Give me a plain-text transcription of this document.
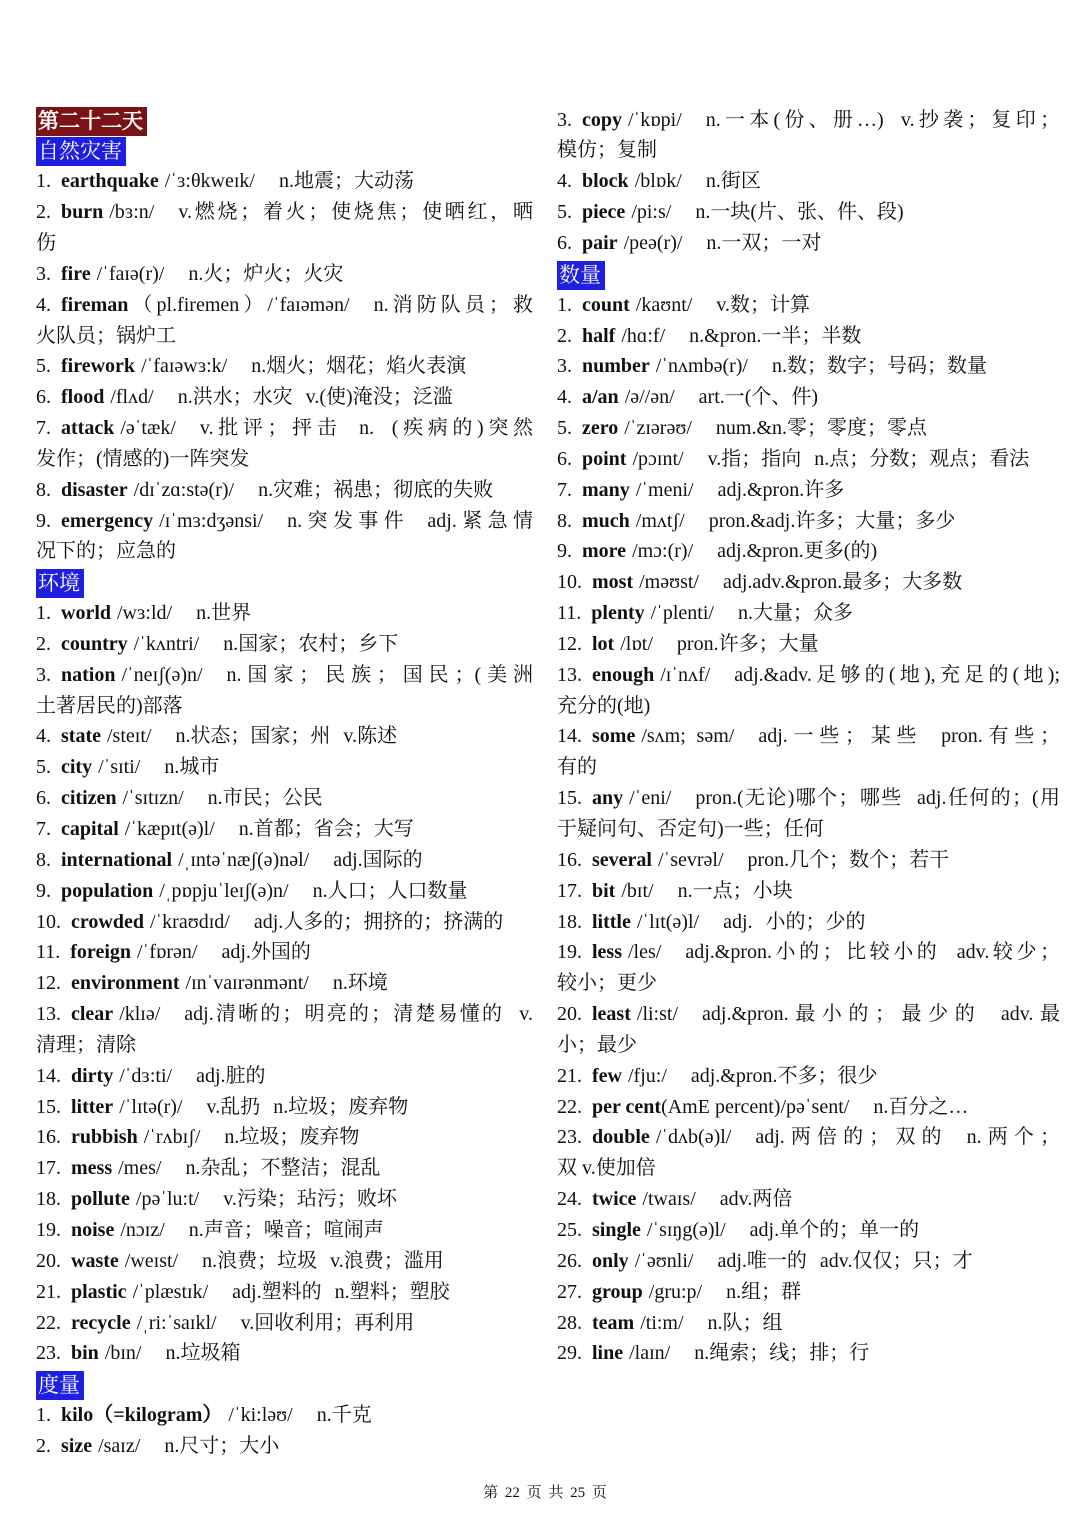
第二十二天
自然灾害
1. earthquake /ˈɜ:θkweɪk/ n.地震；大动荡
2. burn /bɜ:n/ v.燃烧；着火；使烧焦；使晒红，晒
伤
3. fire /ˈfaɪə(r)/ n.火；炉火；火灾
4. fireman（pl.firemen）/ˈfaɪəmən/ n.消防队员；救
火队员；锅炉工
5. firework /ˈfaɪəwɜ:k/ n.烟火；烟花；焰火表演
6. flood /flʌd/ n.洪水；水灾 v.(使)淹没；泛滥
7. attack /əˈtæk/ v.批评；抨击 n. (疾病的)突然
发作；(情感的)一阵突发
8. disaster /dɪˈzɑ:stə(r)/ n.灾难；祸患；彻底的失败
9. emergency /ɪˈmɜ:dʒənsi/ n.突发事件 adj.紧急情
况下的；应急的
环境
1. world /wɜ:ld/ n.世界
2. country /ˈkʌntri/ n.国家；农村；乡下
3. nation /ˈneɪʃ(ə)n/ n.国家；民族；国民；(美洲
土著居民的)部落
4. state /steɪt/ n.状态；国家；州 v.陈述
5. city /ˈsɪti/ n.城市
6. citizen /ˈsɪtɪzn/ n.市民；公民
7. capital /ˈkæpɪt(ə)l/ n.首都；省会；大写
8. international /ˌɪntəˈnæʃ(ə)nəl/ adj.国际的
9. population /ˌpɒpjuˈleɪʃ(ə)n/ n.人口；人口数量
10. crowded /ˈkraʊdɪd/ adj.人多的；拥挤的；挤满的
11. foreign /ˈfɒrən/ adj.外国的
12. environment /ɪnˈvaɪrənmənt/ n.环境
13. clear /klɪə/ adj.清晰的；明亮的；清楚易懂的 v.
清理；清除
14. dirty /ˈdɜ:ti/ adj.脏的
15. litter /ˈlɪtə(r)/ v.乱扔 n.垃圾；废弃物
16. rubbish /ˈrʌbɪʃ/ n.垃圾；废弃物
17. mess /mes/ n.杂乱；不整洁；混乱
18. pollute /pəˈlu:t/ v.污染；玷污；败坏
19. noise /nɔɪz/ n.声音；噪音；喧闹声
20. waste /weɪst/ n.浪费；垃圾 v.浪费；滥用
21. plastic /ˈplæstɪk/ adj.塑料的 n.塑料；塑胶
22. recycle /ˌri:ˈsaɪkl/ v.回收利用；再利用
23. bin /bɪn/ n.垃圾箱
度量
1. kilo（=kilogram） /ˈki:ləʊ/ n.千克
2. size /saɪz/ n.尺寸；大小
3. copy /ˈkɒpi/ n.一本(份、册…) v.抄袭；复印；
模仿；复制
4. block /blɒk/ n.街区
5. piece /pi:s/ n.一块(片、张、件、段)
6. pair /peə(r)/ n.一双；一对
数量
1. count /kaʊnt/ v.数；计算
2. half /hɑ:f/ n.&pron.一半；半数
3. number /ˈnʌmbə(r)/ n.数；数字；号码；数量
4. a/an /ə//ən/ art.一(个、件)
5. zero /ˈzɪərəʊ/ num.&n.零；零度；零点
6. point /pɔɪnt/ v.指；指向 n.点；分数；观点；看法
7. many /ˈmeni/ adj.&pron.许多
8. much /mʌtʃ/ pron.&adj.许多；大量；多少
9. more /mɔ:(r)/ adj.&pron.更多(的)
10. most /məʊst/ adj.adv.&pron.最多；大多数
11. plenty /ˈplenti/ n.大量；众多
12. lot /lɒt/ pron.许多；大量
13. enough /ɪˈnʌf/ adj.&adv.足够的(地),充足的(地);
充分的(地)
14. some /sʌm; səm/ adj.一些；某些 pron.有些；
有的
15. any /ˈeni/ pron.(无论)哪个；哪些 adj.任何的；(用
于疑问句、否定句)一些；任何
16. several /ˈsevrəl/ pron.几个；数个；若干
17. bit /bɪt/ n.一点；小块
18. little /ˈlɪt(ə)l/ adj. 小的；少的
19. less /les/ adj.&pron.小的；比较小的 adv.较少；
较小；更少
20. least /li:st/ adj.&pron.最小的；最少的 adv.最
小；最少
21. few /fju:/ adj.&pron.不多；很少
22. per cent(AmE percent)/pəˈsent/ n.百分之…
23. double /ˈdʌb(ə)l/ adj.两倍的；双的 n.两个；
双 v.使加倍
24. twice /twaɪs/ adv.两倍
25. single /ˈsɪŋg(ə)l/ adj.单个的；单一的
26. only /ˈəʊnli/ adj.唯一的 adv.仅仅；只；才
27. group /gru:p/ n.组；群
28. team /ti:m/ n.队；组
29. line /laɪn/ n.绳索；线；排；行
第 22 页 共 25 页
